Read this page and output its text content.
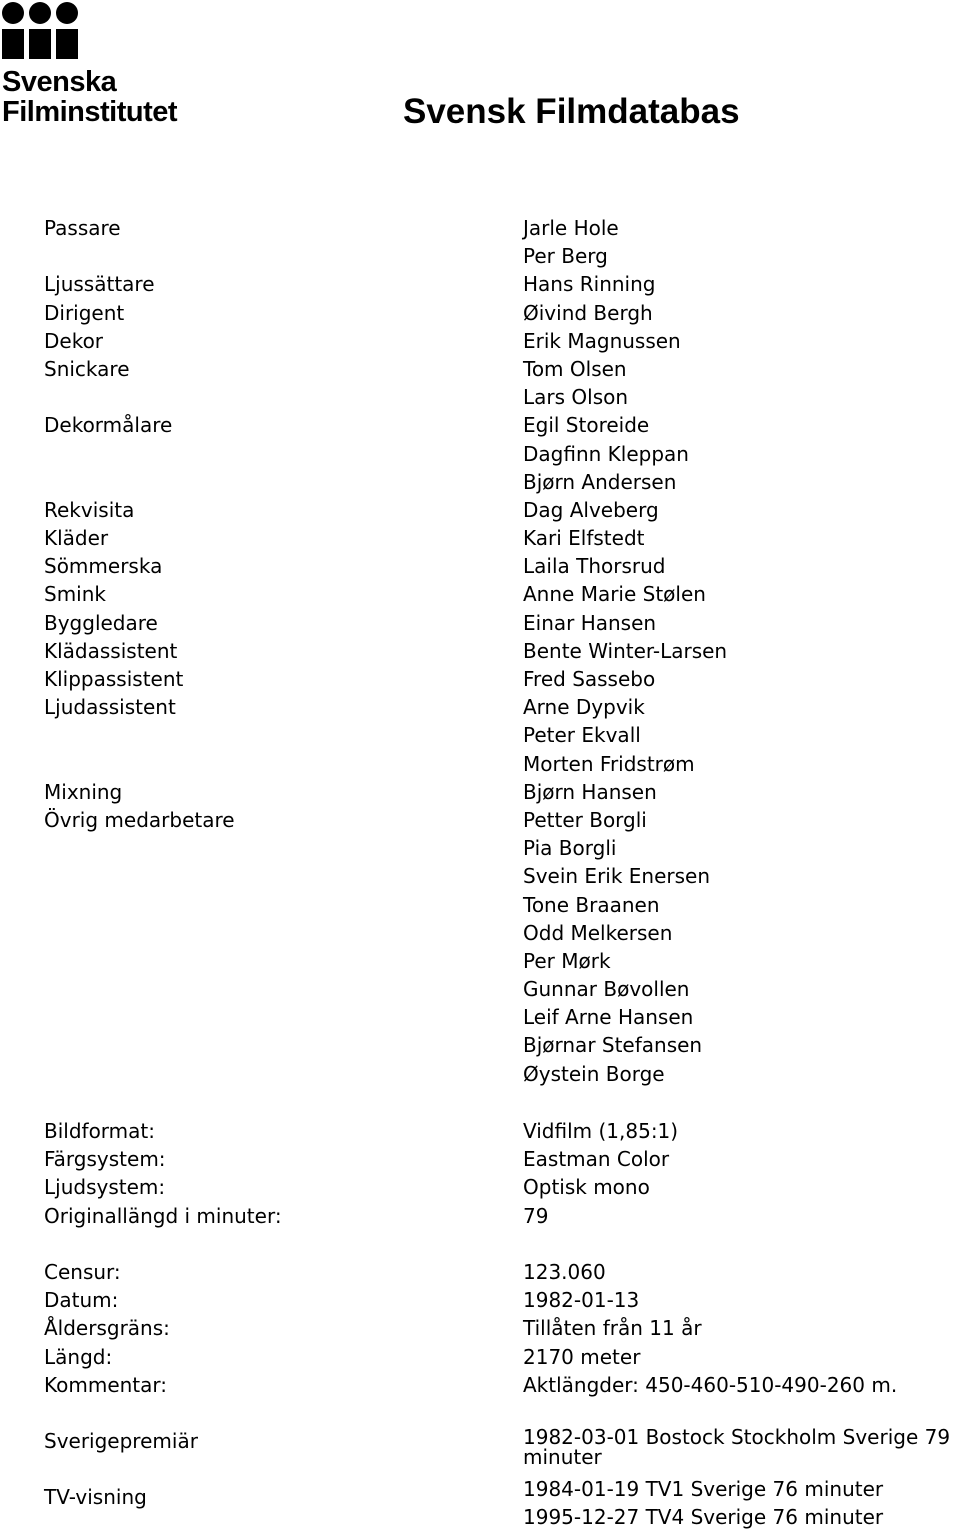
Svenska
Filminstitutet	Svensk Filmdatabas
Passare
Ljussättare
Dirigent
Dekor
Snickare
Dekormålare
Rekvisita
Kläder
Sömmerska
Smink
Byggledare
Klädassistent
Klippassistent
Ljudassistent
Mixning
Övrig medarbetare
Jarle Hole
Per Berg
Hans Rinning
Øivind Bergh
Erik Magnussen
Tom Olsen
Lars Olson
Egil Storeide
Dagfinn Kleppan
Bjørn Andersen
Dag Alveberg
Kari Elfstedt
Laila Thorsrud
Anne Marie Stølen
Einar Hansen
Bente Winter-Larsen
Fred Sassebo
Arne Dypvik
Peter Ekvall
Morten Fridstrøm
Bjørn Hansen
Petter Borgli
Pia Borgli
Svein Erik Enersen
Tone Braanen
Odd Melkersen
Per Mørk
Gunnar Bøvollen
Leif Arne Hansen
Bjørnar Stefansen
Øystein Borge
Bildformat:
Färgsystem:
Ljudsystem:
Originallängd i minuter:
Vidfilm (1,85:1)
Eastman Color
Optisk mono
79
Censur:
Datum:
Åldersgräns:
Längd:
Kommentar:
123.060
1982-01-13
Tillåten från 11 år
2170 meter
Aktlängder: 450-460-510-490-260 m.
Sverigepremiär
TV-visning
1982-03-01 Bostock Stockholm Sverige 79 minuter
1984-01-19 TV1 Sverige 76 minuter
1995-12-27 TV4 Sverige 76 minuter
